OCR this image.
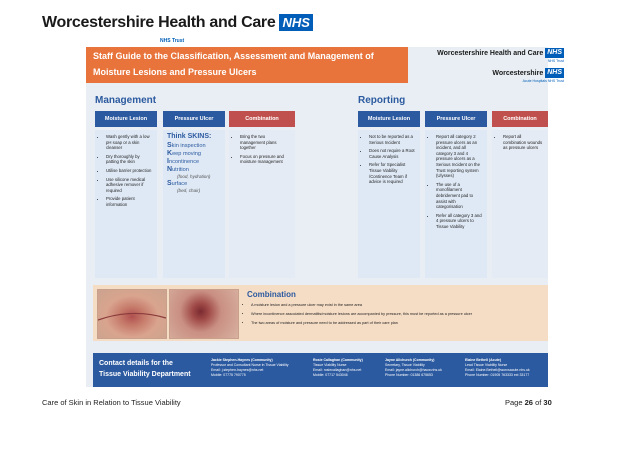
Worcestershire Health and Care NHS
NHS Trust
Staff Guide to the Classification, Assessment and Management of
Moisture Lesions and Pressure Ulcers
Worcestershire Health and Care NHS
NHS Trust
Worcestershire NHS
Acute Hospitals NHS Trust
Management
Moisture Lesion	Pressure Ulcer	Combination
• Wash gently with a low pH soap or a skin cleanser
• Dry thoroughly by patting the skin
• Utilise barrier protection
• Use silicone medical adhesive remover if required
• Provide patient information
Think SKINS:
Skin inspection
Keep moving
Incontinence
Nutrition
(food, hydration)
Surface
(bed, chair)
• Bring the two management plans together
• Focus on pressure and moisture management
Reporting
Moisture Lesion	Pressure Ulcer	Combination
• Not to be reported as a Serious Incident
• Does not require a Root Cause Analysis
• Refer for Specialist Tissue Viability /Continence Team if advice is required
• Report all category 2 pressure ulcers as an incident, and all category 3 and 4 pressure ulcers as a Serious Incident on the Trust reporting system (Ulysses)
• The use of a monofilament debridement pad to assist with categorisation
• Refer all category 3 and 4 pressure ulcers to Tissue Viability
• Report all combination wounds as pressure ulcers
Combination
• A moisture lesion and a pressure ulcer may exist in the same area
• Where incontinence associated dermatitis/moisture lesions are accompanied by pressure, this must be reported as a pressure ulcer
• The two areas of moisture and pressure need to be addressed as part of their care plan
Contact details for the
Tissue Viability Department
Jackie Stephen-Haynes (Community)
Professor and Consultant Nurse in Tissue Viability
Email: j.stephen-haynes@nhs.net
Mobile: 07775 790775
Rosie Callaghan (Community)
Tissue Viability Nurse
Email: rosiecallaghan@nhs.net
Mobile: 07717 543046
Jayne Allchurch (Community)
Secretary, Tissue Viability
Email: jayne.allchurch@hacw.nhs.uk
Phone Number: 01386 675653
Elaine Bethell (Acute)
Lead Tissue Viability Nurse
Email: Elaine.Bethell@worcsacute.nhs.uk
Phone Number: 01905 763333 ext 33177
Care of Skin in Relation to Tissue Viability	Page 26 of 30
